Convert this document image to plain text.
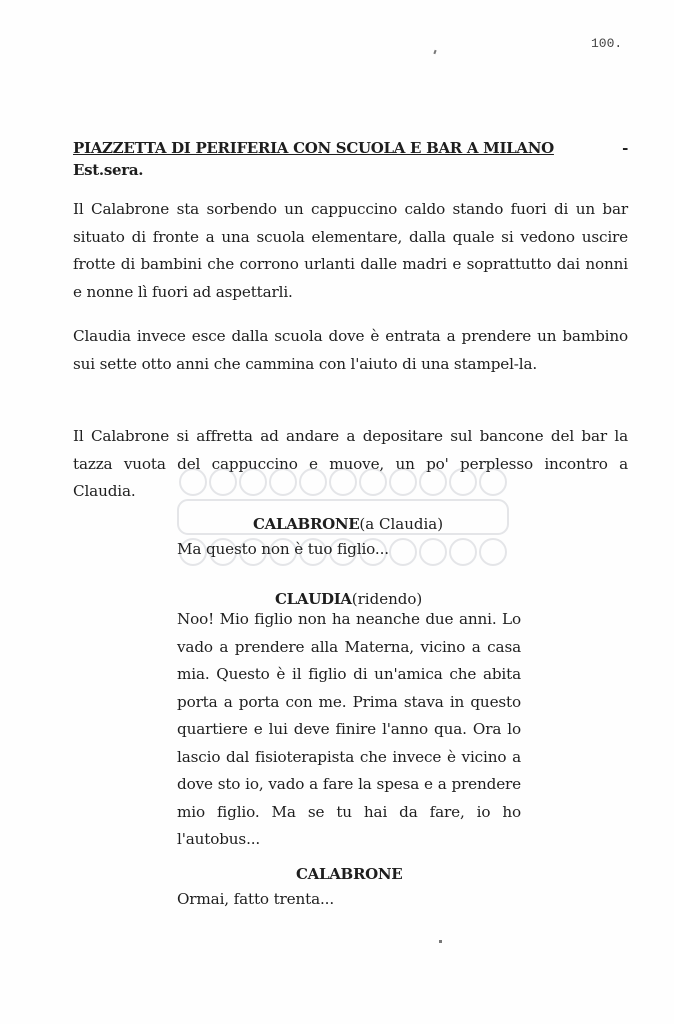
100.
PIAZZETTA DI PERIFERIA CON SCUOLA E BAR A MILANO	-

Est.sera.

Il Calabrone sta sorbendo un cappuccino caldo stando fuori di un bar situato di fronte a una scuola elementare, dalla quale si vedono uscire frotte di bambini che corrono urlanti dalle madri e soprattutto dai nonni e nonne lì fuori ad aspettarli.

Claudia invece esce dalla scuola dove è entrata a prendere un bambino sui sette otto anni che cammina con l'aiuto di una stampel-la.

Il Calabrone si affretta ad andare a depositare sul bancone del bar la tazza vuota del cappuccino e muove, un po' perplesso incontro a Claudia.

CALABRONE(a Claudia)

Ma questo non è tuo figlio...

CLAUDIA(ridendo)

Noo! Mio figlio non ha neanche due anni. Lo vado a prendere alla Materna, vicino a casa mia. Questo è il figlio di un'amica che abita porta a porta con me. Prima stava in questo quartiere e lui deve finire l'anno qua. Ora lo lascio dal fisioterapista che invece è vicino a dove sto io, vado a fare la spesa e a prendere mio figlio. Ma se tu hai da fare, io ho l'autobus...

CALABRONE

Ormai, fatto trenta...
